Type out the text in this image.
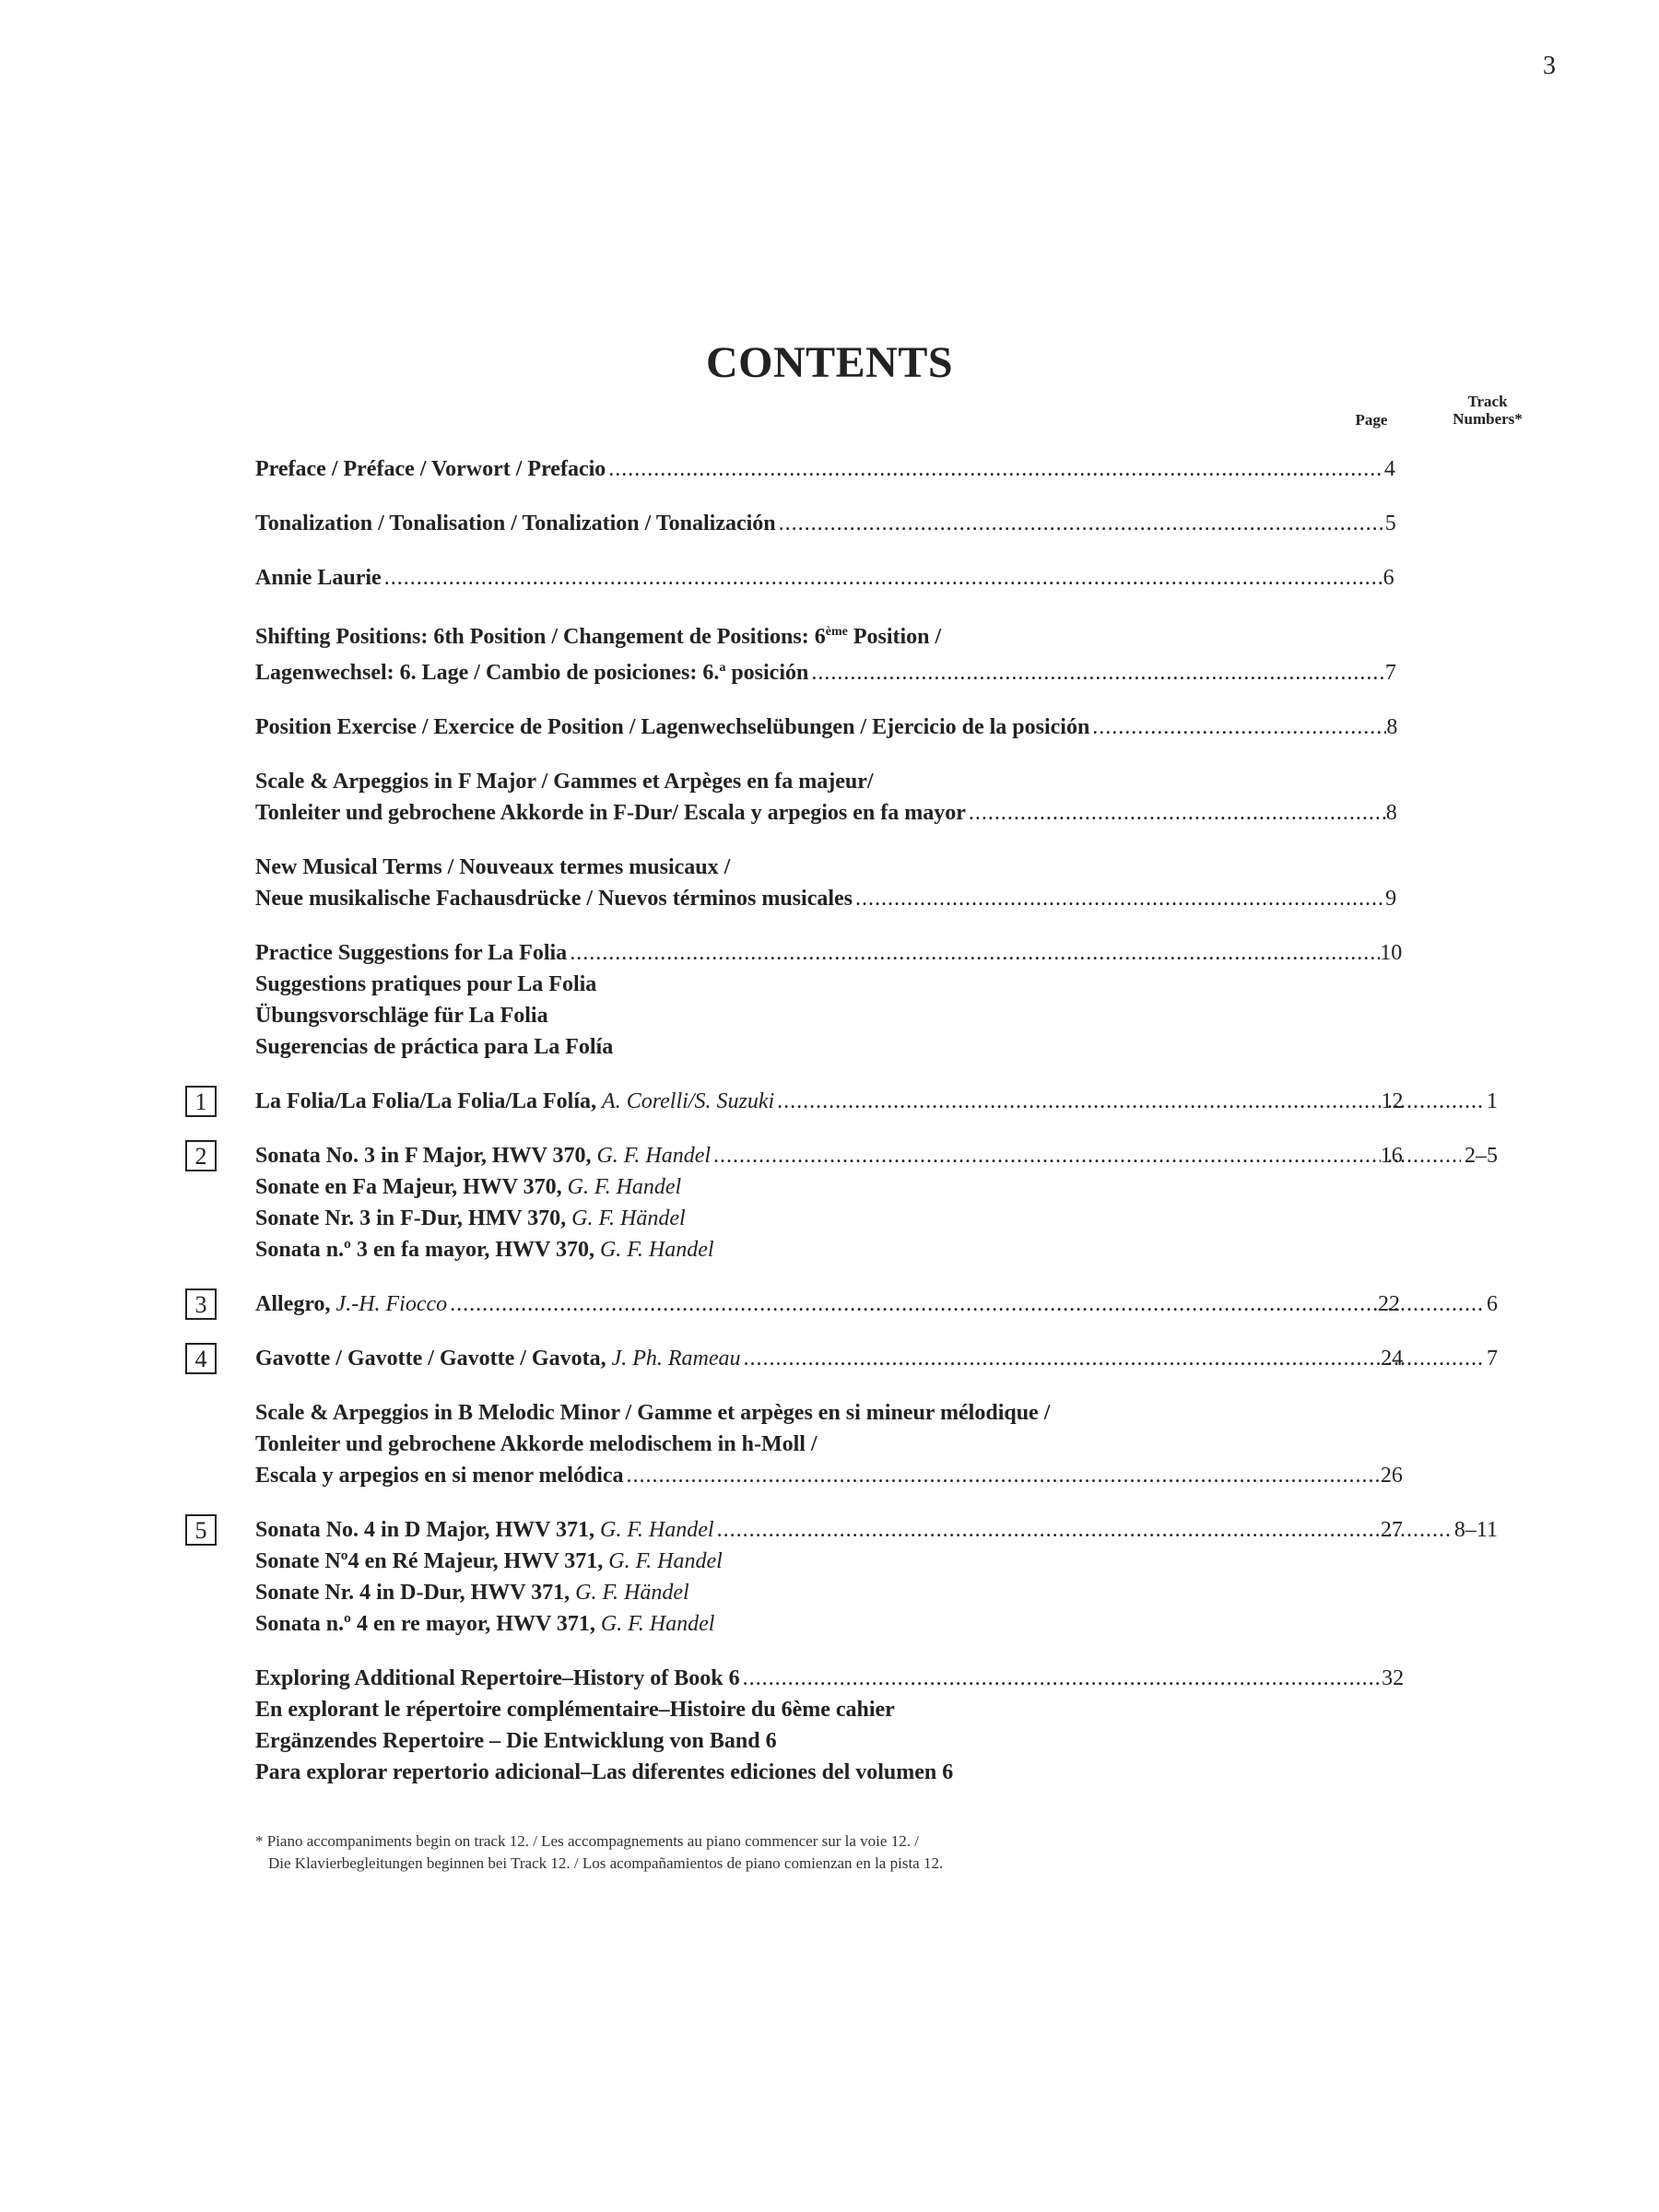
3
CONTENTS
Page
Track
Numbers*
Preface / Préface / Vorwort / Prefacio .....	4
Tonalization / Tonalisation / Tonalization / Tonalización .....	5
Annie Laurie .....	6
Shifting Positions: 6th Position / Changement de Positions: 6ème Position /
Lagenwechsel: 6. Lage / Cambio de posiciones: 6.$^a$ posición .....	7
Position Exercise / Exercice de Position / Lagenwechselübungen / Ejercicio de la posición .....	8
Scale & Arpeggios in F Major / Gammes et Arpèges en fa majeur/
Tonleiter und gebrochene Akkorde in F-Dur/ Escala y arpegios en fa mayor .....	8
New Musical Terms / Nouveaux termes musicaux /
Neue musikalische Fachausdrücke / Nuevos términos musicales .....	9
Practice Suggestions for La Folia .....	10
Suggestions pratiques pour La Folia
Übungsvorschläge für La Folia
Sugerencias de práctica para La Folía
1	La Folia/La Folia/La Folia/La Folía, A. Corelli/S. Suzuki .....	12 .....	1
2	Sonata No. 3 in F Major, HWV 370, G. F. Handel .....	16 .....	2–5
Sonate en Fa Majeur, HWV 370, G. F. Handel
Sonate Nr. 3 in F-Dur, HMV 370, G. F. Händel
Sonata n.º 3 en fa mayor, HWV 370, G. F. Handel
3	Allegro, J.-H. Fiocco .....	22 .....	6
4	Gavotte / Gavotte / Gavotte / Gavota, J. Ph. Rameau .....	24 .....	7
Scale & Arpeggios in B Melodic Minor / Gamme et arpèges en si mineur mélodique /
Tonleiter und gebrochene Akkorde melodischem in h-Moll /
Escala y arpegios en si menor melódica .....	26
5	Sonata No. 4 in D Major, HWV 371, G. F. Handel .....	27 ..... 8–11
Sonate Nº4 en Ré Majeur, HWV 371, G. F. Handel
Sonate Nr. 4 in D-Dur, HWV 371, G. F. Händel
Sonata n.º 4 en re mayor, HWV 371, G. F. Handel
Exploring Additional Repertoire–History of Book 6 .....	32
En explorant le répertoire complémentaire–Histoire du 6ème cahier
Ergänzendes Repertoire – Die Entwicklung von Band 6
Para explorar repertorio adicional–Las diferentes ediciones del volumen 6
* Piano accompaniments begin on track 12. / Les accompagnements au piano commencer sur la voie 12. /
Die Klavierbegleitungen beginnen bei Track 12. / Los acompañamientos de piano comienzan en la pista 12.
